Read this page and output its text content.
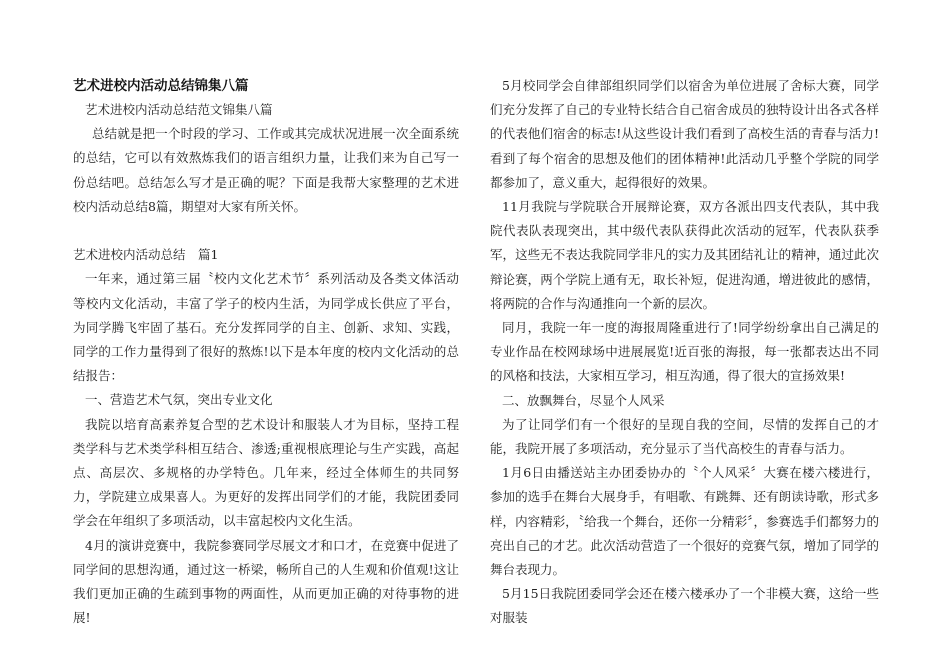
艺术进校内活动总结锦集八篇

艺术进校内活动总结范文锦集八篇

总结就是把一个时段的学习、工作或其完成状况进展一次全面系统的总结，它可以有效熬炼我们的语言组织力量，让我们来为自己写一份总结吧。总结怎么写才是正确的呢？下面是我帮大家整理的艺术进校内活动总结8篇，期望对大家有所关怀。

艺术进校内活动总结　篇1

一年来，通过第三届〝校内文化艺术节〞系列活动及各类文体活动等校内文化活动，丰富了学子的校内生活，为同学成长供应了平台，为同学腾飞牢固了基石。充分发挥同学的自主、创新、求知、实践，同学的工作力量得到了很好的熬炼!以下是本年度的校内文化活动的总结报告：

一、营造艺术气氛，突出专业文化

我院以培育高素养复合型的艺术设计和服装人才为目标，坚持工程类学科与艺术类学科相互结合、渗透;重视根底理论与生产实践，高起点、高层次、多规格的办学特色。几年来，经过全体师生的共同努力，学院建立成果喜人。为更好的发挥出同学们的才能，我院团委同学会在年组织了多项活动，以丰富起校内文化生活。

4月的演讲竞赛中，我院参赛同学尽展文才和口才，在竞赛中促进了同学间的思想沟通，通过这一桥梁，畅所自己的人生观和价值观!这让我们更加正确的生疏到事物的两面性，从而更加正确的对待事物的进展!

5月校同学会自律部组织同学们以宿舍为单位进展了舍标大赛，同学们充分发挥了自己的专业特长结合自己宿舍成员的独特设计出各式各样的代表他们宿舍的标志!从这些设计我们看到了高校生活的青春与活力!看到了每个宿舍的思想及他们的团体精神!此活动几乎整个学院的同学都参加了，意义重大，起得很好的效果。

11月我院与学院联合开展辩论赛，双方各派出四支代表队，其中我院代表队表现突出，其中级代表队获得此次活动的冠军，代表队获季军，这些无不表达我院同学非凡的实力及其团结礼让的精神，通过此次辩论赛，两个学院上通有无，取长补短，促进沟通，增进彼此的感情，将两院的合作与沟通推向一个新的层次。

同月，我院一年一度的海报周隆重进行了!同学纷纷拿出自己满足的专业作品在校网球场中进展展览!近百张的海报，每一张都表达出不同的风格和技法，大家相互学习，相互沟通，得了很大的宣扬效果!

二、放飘舞台，尽显个人风采

为了让同学们有一个很好的呈现自我的空间，尽情的发挥自己的才能，我院开展了多项活动，充分显示了当代高校生的青春与活力。

1月6日由播送站主办团委协办的〝个人风采〞大赛在楼六楼进行，参加的选手在舞台大展身手，有唱歌、有跳舞、还有朗读诗歌，形式多样，内容精彩，〝给我一个舞台，还你一分精彩〞，参赛选手们都努力的亮出自己的才艺。此次活动营造了一个很好的竞赛气氛，增加了同学的舞台表现力。

5月15日我院团委同学会还在楼六楼承办了一个非模大赛，这给一些对服装
